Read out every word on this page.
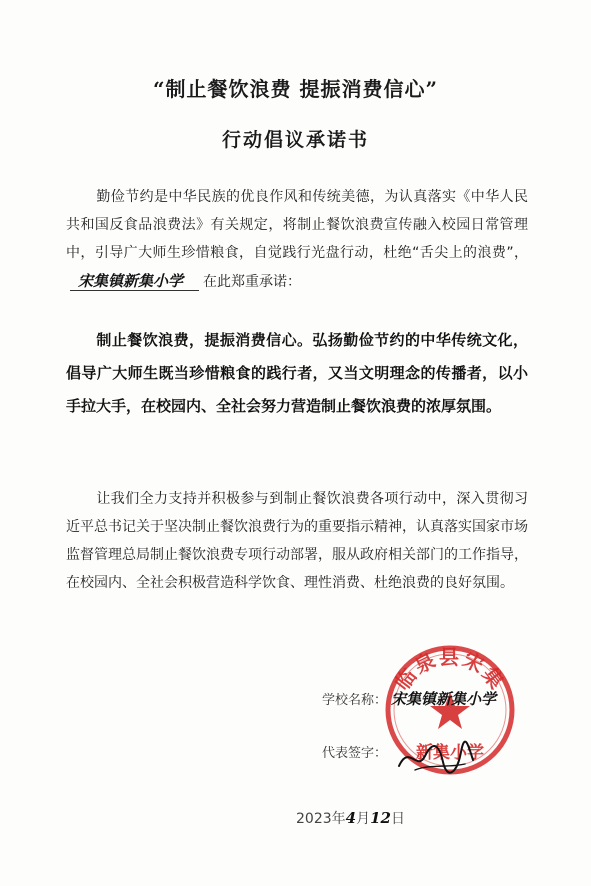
“制止餐饮浪费 提振消费信心”
行动倡议承诺书
勤俭节约是中华民族的优良作风和传统美德，为认真落实《中华人民共和国反食品浪费法》有关规定，将制止餐饮浪费宣传融入校园日常管理中，引导广大师生珍惜粮食，自觉践行光盘行动，杜绝“舌尖上的浪费”，宋集镇新集小学 在此郑重承诺：
制止餐饮浪费，提振消费信心。弘扬勤俭节约的中华传统文化，倡导广大师生既当珍惜粮食的践行者，又当文明理念的传播者，以小手拉大手，在校园内、全社会努力营造制止餐饮浪费的浓厚氛围。
让我们全力支持并积极参与到制止餐饮浪费各项行动中，深入贯彻习近平总书记关于坚决制止餐饮浪费行为的重要指示精神，认真落实国家市场监督管理总局制止餐饮浪费专项行动部署，服从政府相关部门的工作指导，在校园内、全社会积极营造科学饮食、理性消费、杜绝浪费的良好氛围。
临泉县宋集
新集小学
学校名称： 宋集镇新集小学
代表签字：
2023年4月12日
